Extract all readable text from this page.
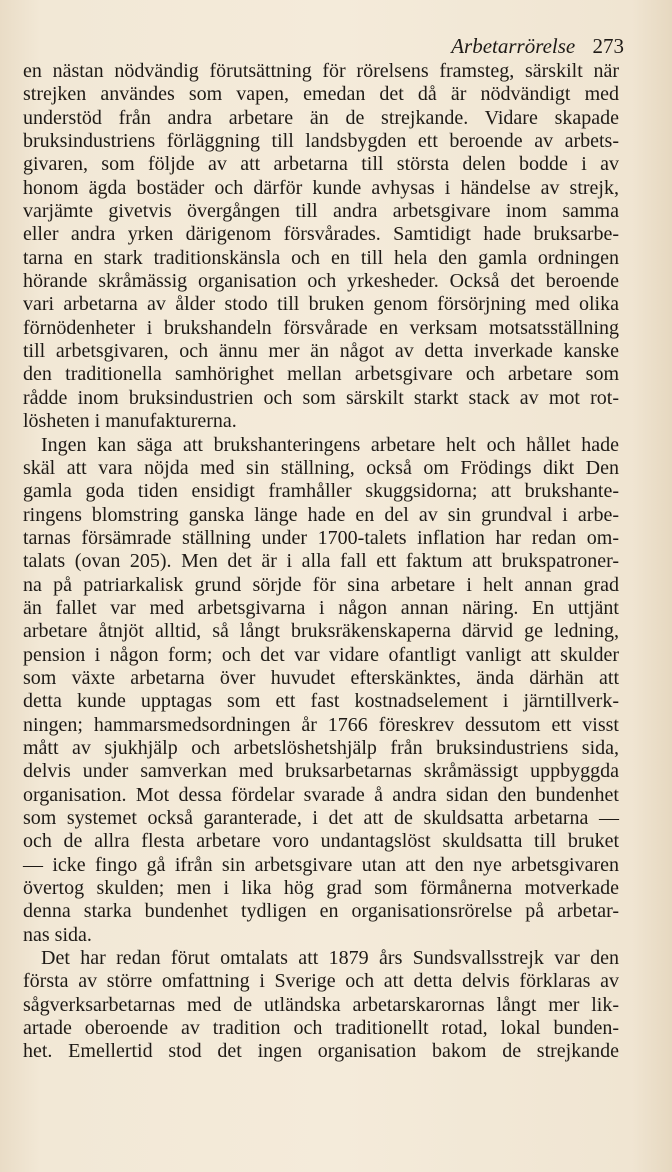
Arbetarrörelse 273
en nästan nödvändig förutsättning för rörelsens framsteg, särskilt när
strejken användes som vapen, emedan det då är nödvändigt med
understöd från andra arbetare än de strejkande. Vidare skapade
bruksindustriens förläggning till landsbygden ett beroende av arbets-
givaren, som följde av att arbetarna till största delen bodde i av
honom ägda bostäder och därför kunde avhysas i händelse av strejk,
varjämte givetvis övergången till andra arbetsgivare inom samma
eller andra yrken därigenom försvårades. Samtidigt hade bruksarbe-
tarna en stark traditionskänsla och en till hela den gamla ordningen
hörande skråmässig organisation och yrkesheder. Också det beroende
vari arbetarna av ålder stodo till bruken genom försörjning med olika
förnödenheter i brukshandeln försvårade en verksam motsatsställning
till arbetsgivaren, och ännu mer än något av detta inverkade kanske
den traditionella samhörighet mellan arbetsgivare och arbetare som
rådde inom bruksindustrien och som särskilt starkt stack av mot rot-
lösheten i manufakturerna.
Ingen kan säga att brukshanteringens arbetare helt och hållet hade
skäl att vara nöjda med sin ställning, också om Frödings dikt Den
gamla goda tiden ensidigt framhåller skuggsidorna; att brukshante-
ringens blomstring ganska länge hade en del av sin grundval i arbe-
tarnas försämrade ställning under 1700-talets inflation har redan om-
talats (ovan 205). Men det är i alla fall ett faktum att brukspatroner-
na på patriarkalisk grund sörjde för sina arbetare i helt annan grad
än fallet var med arbetsgivarna i någon annan näring. En uttjänt
arbetare åtnjöt alltid, så långt bruksräkenskaperna därvid ge ledning,
pension i någon form; och det var vidare ofantligt vanligt att skulder
som växte arbetarna över huvudet efterskänktes, ända därhän att
detta kunde upptagas som ett fast kostnadselement i järntillverk-
ningen; hammarsmedsordningen år 1766 föreskrev dessutom ett visst
mått av sjukhjälp och arbetslöshetshjälp från bruksindustriens sida,
delvis under samverkan med bruksarbetarnas skråmässigt uppbyggda
organisation. Mot dessa fördelar svarade å andra sidan den bundenhet
som systemet också garanterade, i det att de skuldsatta arbetarna —
och de allra flesta arbetare voro undantagslöst skuldsatta till bruket
— icke fingo gå ifrån sin arbetsgivare utan att den nye arbetsgivaren
övertog skulden; men i lika hög grad som förmånerna motverkade
denna starka bundenhet tydligen en organisationsrörelse på arbetar-
nas sida.
Det har redan förut omtalats att 1879 års Sundsvallsstrejk var den
första av större omfattning i Sverige och att detta delvis förklaras av
sågverksarbetarnas med de utländska arbetarskarornas långt mer lik-
artade oberoende av tradition och traditionellt rotad, lokal bunden-
het. Emellertid stod det ingen organisation bakom de strejkande
